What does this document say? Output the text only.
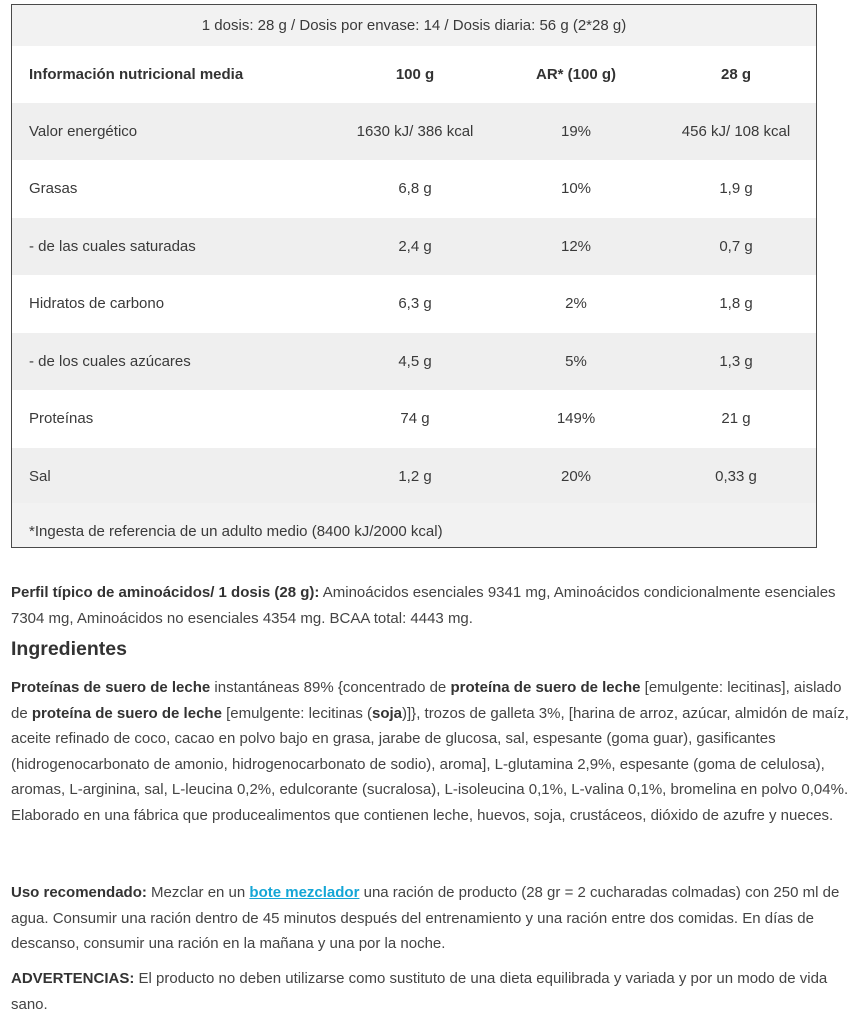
1 dosis: 28 g / Dosis por envase: 14 / Dosis diaria: 56 g (2*28 g)
Información nutricional media	100 g	AR* (100 g)	28 g
Valor energético	1630 kJ/ 386 kcal	19%	456 kJ/ 108 kcal
Grasas	6,8 g	10%	1,9 g
- de las cuales saturadas	2,4 g	12%	0,7 g
Hidratos de carbono	6,3 g	2%	1,8 g
- de los cuales azúcares	4,5 g	5%	1,3 g
Proteínas	74 g	149%	21 g
Sal	1,2 g	20%	0,33 g
*Ingesta de referencia de un adulto medio (8400 kJ/2000 kcal)
Perfil típico de aminoácidos/ 1 dosis (28 g): Aminoácidos esenciales 9341 mg, Aminoácidos condicionalmente esenciales 7304 mg, Aminoácidos no esenciales 4354 mg. BCAA total: 4443 mg.
Ingredientes
Proteínas de suero de leche instantáneas 89% {concentrado de proteína de suero de leche [emulgente: lecitinas], aislado de proteína de suero de leche [emulgente: lecitinas (soja)]}, trozos de galleta 3%, [harina de arroz, azúcar, almidón de maíz, aceite refinado de coco, cacao en polvo bajo en grasa, jarabe de glucosa, sal, espesante (goma guar), gasificantes (hidrogenocarbonato de amonio, hidrogenocarbonato de sodio), aroma], L-glutamina 2,9%, espesante (goma de celulosa), aromas, L-arginina, sal, L-leucina 0,2%, edulcorante (sucralosa), L-isoleucina 0,1%, L-valina 0,1%, bromelina en polvo 0,04%.
Elaborado en una fábrica que producealimentos que contienen leche, huevos, soja, crustáceos, dióxido de azufre y nueces.
Uso recomendado: Mezclar en un bote mezclador una ración de producto (28 gr = 2 cucharadas colmadas) con 250 ml de agua. Consumir una ración dentro de 45 minutos después del entrenamiento y una ración entre dos comidas. En días de descanso, consumir una ración en la mañana y una por la noche.
ADVERTENCIAS: El producto no deben utilizarse como sustituto de una dieta equilibrada y variada y por un modo de vida sano.
